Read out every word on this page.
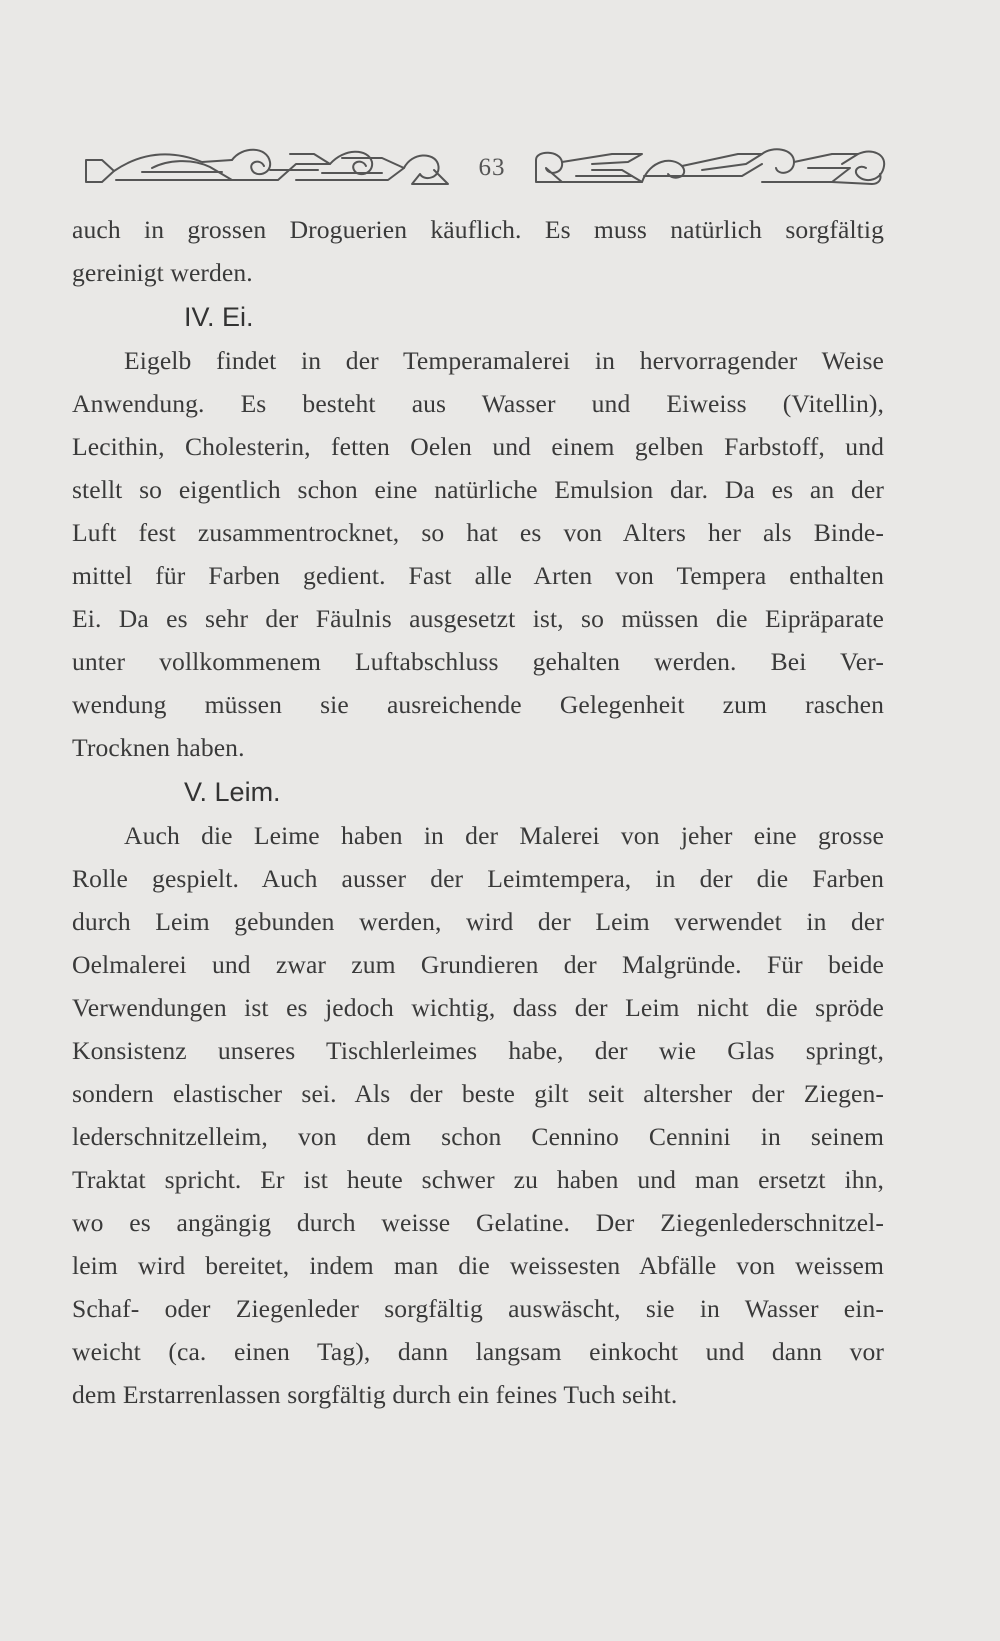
63
auch in grossen Droguerien käuflich. Es muss natürlich sorgfältig
gereinigt werden.
IV. Ei.
Eigelb findet in der Temperamalerei in hervorragender Weise
Anwendung. Es besteht aus Wasser und Eiweiss (Vitellin),
Lecithin, Cholesterin, fetten Oelen und einem gelben Farbstoff, und
stellt so eigentlich schon eine natürliche Emulsion dar. Da es an der
Luft fest zusammentrocknet, so hat es von Alters her als Binde-
mittel für Farben gedient. Fast alle Arten von Tempera enthalten
Ei. Da es sehr der Fäulnis ausgesetzt ist, so müssen die Eipräparate
unter vollkommenem Luftabschluss gehalten werden. Bei Ver-
wendung müssen sie ausreichende Gelegenheit zum raschen
Trocknen haben.
V. Leim.
Auch die Leime haben in der Malerei von jeher eine grosse
Rolle gespielt. Auch ausser der Leimtempera, in der die Farben
durch Leim gebunden werden, wird der Leim verwendet in der
Oelmalerei und zwar zum Grundieren der Malgründe. Für beide
Verwendungen ist es jedoch wichtig, dass der Leim nicht die spröde
Konsistenz unseres Tischlerleimes habe, der wie Glas springt,
sondern elastischer sei. Als der beste gilt seit altersher der Ziegen-
lederschnitzelleim, von dem schon Cennino Cennini in seinem
Traktat spricht. Er ist heute schwer zu haben und man ersetzt ihn,
wo es angängig durch weisse Gelatine. Der Ziegenlederschnitzel-
leim wird bereitet, indem man die weissesten Abfälle von weissem
Schaf- oder Ziegenleder sorgfältig auswäscht, sie in Wasser ein-
weicht (ca. einen Tag), dann langsam einkocht und dann vor
dem Erstarrenlassen sorgfältig durch ein feines Tuch seiht.
